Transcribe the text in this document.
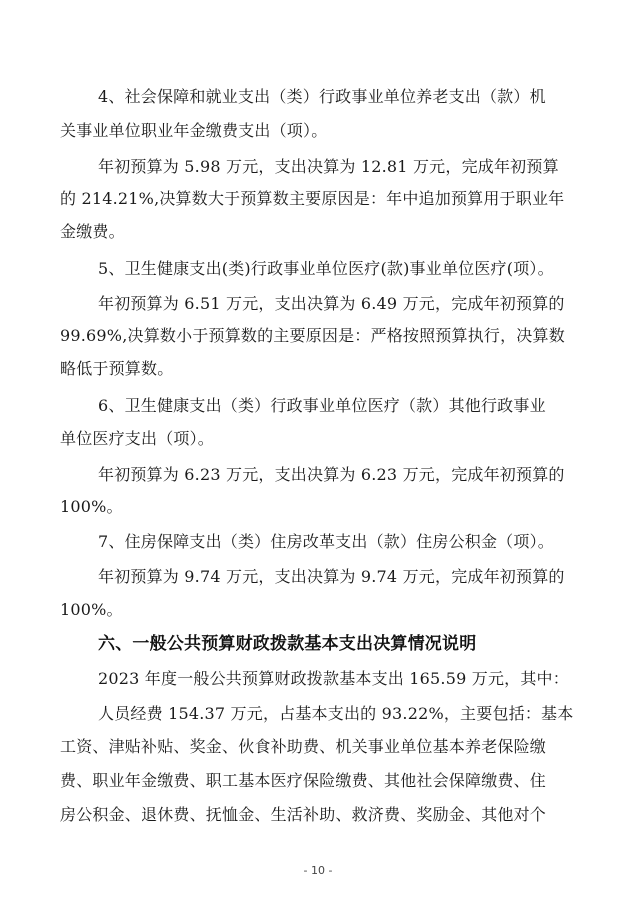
4、社会保障和就业支出（类）行政事业单位养老支出（款）机
关事业单位职业年金缴费支出（项）。
年初预算为 5.98 万元，支出决算为 12.81 万元，完成年初预算
的 214.21%,决算数大于预算数主要原因是：年中追加预算用于职业年
金缴费。
5、卫生健康支出(类)行政事业单位医疗(款)事业单位医疗(项）。
年初预算为 6.51 万元，支出决算为 6.49 万元，完成年初预算的
99.69%,决算数小于预算数的主要原因是：严格按照预算执行，决算数
略低于预算数。
6、卫生健康支出（类）行政事业单位医疗（款）其他行政事业
单位医疗支出（项）。
年初预算为 6.23 万元，支出决算为 6.23 万元，完成年初预算的
100%。
7、住房保障支出（类）住房改革支出（款）住房公积金（项）。
年初预算为 9.74 万元，支出决算为 9.74 万元，完成年初预算的
100%。
六、一般公共预算财政拨款基本支出决算情况说明
2023 年度一般公共预算财政拨款基本支出 165.59 万元，其中：
人员经费 154.37 万元，占基本支出的 93.22%，主要包括：基本
工资、津贴补贴、奖金、伙食补助费、机关事业单位基本养老保险缴
费、职业年金缴费、职工基本医疗保险缴费、其他社会保障缴费、住
房公积金、退休费、抚恤金、生活补助、救济费、奖励金、其他对个
- 10 -
